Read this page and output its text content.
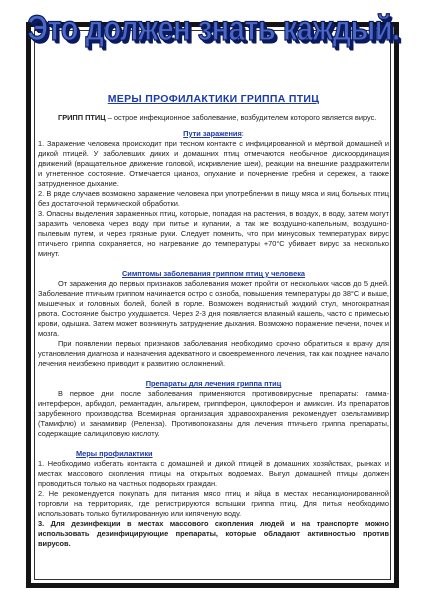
Это должен знать каждый.
МЕРЫ ПРОФИЛАКТИКИ ГРИППА ПТИЦ

ГРИПП ПТИЦ – острое инфекционное заболевание, возбудителем которого является вирус.

Пути заражения:

1. Заражение человека происходит при тесном контакте с инфицированной и мёртвой домашней и дикой птицей. У заболевших диких и домашних птиц отмечаются необычное дискоординация движений (вращательное движение головой, искривление шеи), реакции на внешние раздражители и угнетенное состояние. Отмечается цианоз, опухание и почернение гребня и сережек, а также затрудненное дыхание.

2. В ряде случаев возможно заражение человека при употреблении в пищу мяса и яиц больных птиц без достаточной термической обработки.

3. Опасны выделения зараженных птиц, которые, попадая на растения, в воздух, в воду, затем могут заразить человека через воду при питье и купании, а так же воздушно-капельным, воздушно-пылевым путем, и через грязные руки. Следует помнить, что при минусовых температурах вирус птичьего гриппа сохраняется, но нагревание до температуры +70°С убивает вирус за несколько минут.

Симптомы заболевания гриппом птиц у человека

От заражения до первых признаков заболевания может пройти от нескольких часов до 5 дней. Заболевание птичьим гриппом начинается остро с озноба, повышения температуры до 38°С и выше, мышечных и головных болей, болей в горле. Возможен водянистый жидкий стул, многократная рвота. Состояние быстро ухудшается. Через 2-3 дня появляется влажный кашель, часто с примесью крови, одышка. Затем может возникнуть затруднение дыхания. Возможно поражение печени, почек и мозга.

При появлении первых признаков заболевания необходимо срочно обратиться к врачу для установления диагноза и назначения адекватного и своевременного лечения, так как позднее начало лечения неизбежно приводит к развитию осложнений.

Препараты для лечения гриппа птиц

В первое дни после заболевания применяются противовирусные препараты: гамма-интерферон, арбидол, ремантадин, альгирем, гриппферон, циклоферон и амиксин. Из препаратов зарубежного производства Всемирная организация здравоохранения рекомендует озельтамивир (Тамифлю) и занамивир (Реленза). Противопоказаны для лечения птичьего гриппа препараты, содержащие салициловую кислоту.

Меры профилактики

1. Необходимо избегать контакта с домашней и дикой птицей в домашних хозяйствах, рынках и местах массового скопления птицы на открытых водоемах. Выгул домашней птицы должен проводиться только на частных подворьях граждан.

2. Не рекомендуется покупать для питания мясо птиц и яйца в местах несанкционированной торговли на территориях, где регистрируются вспышки гриппа птиц. Для питья необходимо использовать только бутилированную или кипяченую воду.

3. Для дезинфекции в местах массового скопления людей и на транспорте можно использовать дезинфицирующие препараты, которые обладают активностью против вирусов.
